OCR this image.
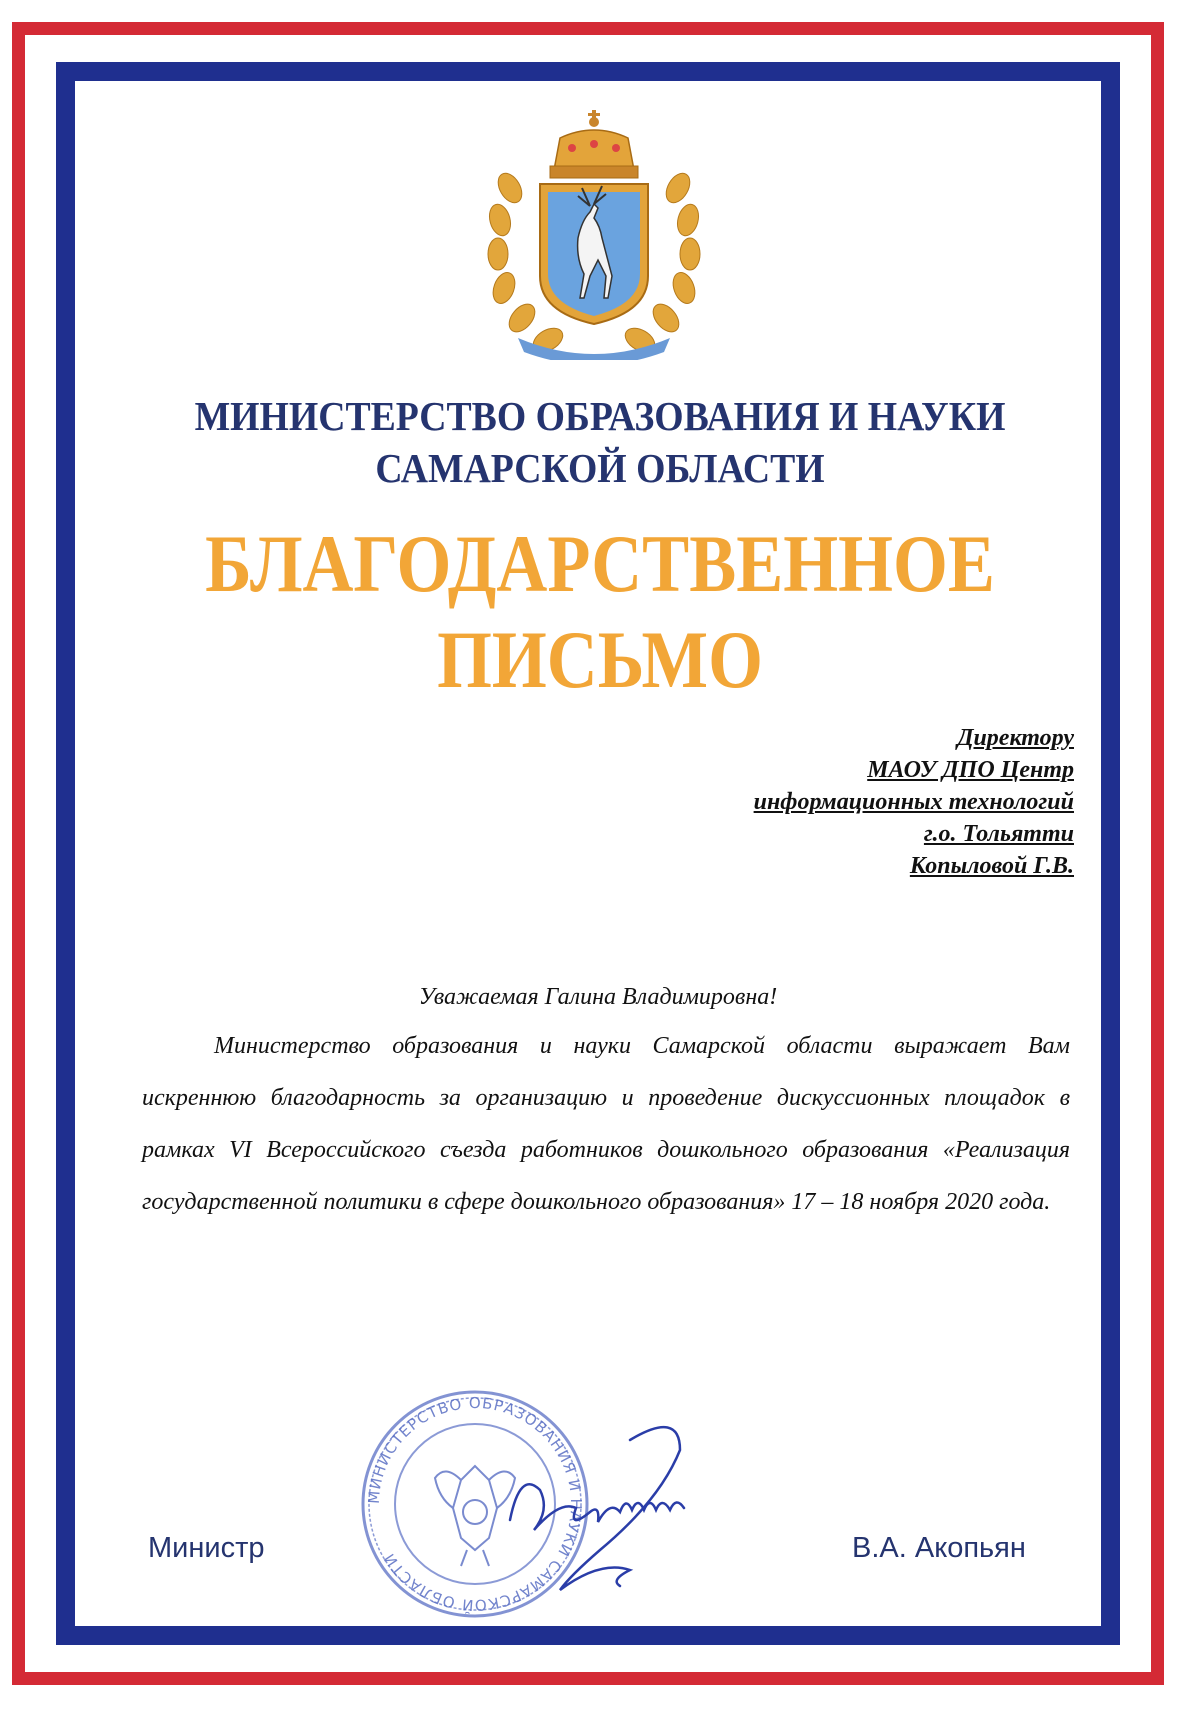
МИНИСТЕРСТВО ОБРАЗОВАНИЯ И НАУКИ
САМАРСКОЙ ОБЛАСТИ
БЛАГОДАРСТВЕННОЕ
ПИСЬМО
Директору
МАОУ ДПО Центр
информационных технологий
г.о. Тольятти
Копыловой Г.В.
Уважаемая Галина Владимировна!
Министерство образования и науки Самарской области выражает Вам искреннюю благодарность за организацию и проведение дискуссионных площадок в рамках VI Всероссийского съезда работников дошкольного образования «Реализация государственной политики в сфере дошкольного образования» 17 – 18 ноября 2020 года.
МИНИСТЕРСТВО ОБРАЗОВАНИЯ И НАУКИ САМАРСКОЙ ОБЛАСТИ
Министр	В.А. Акопьян
